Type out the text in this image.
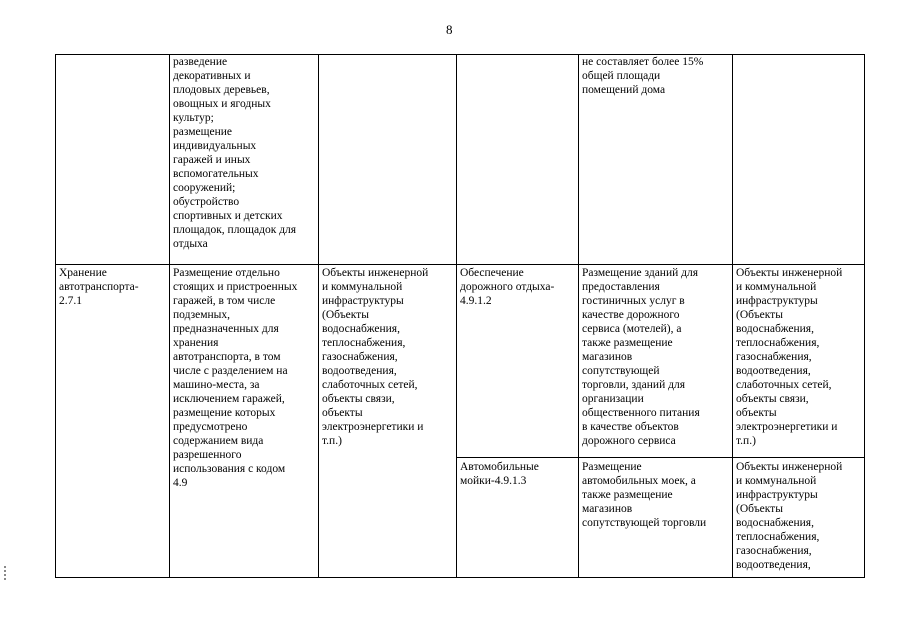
8
разведение
декоративных и
плодовых деревьев,
овощных и ягодных
культур;
размещение
индивидуальных
гаражей и иных
вспомогательных
сооружений;
обустройство
спортивных и детских
площадок, площадок для
отдыха
не составляет более 15%
общей площади
помещений дома
Хранение
автотранспорта-
2.7.1
Размещение отдельно
стоящих и пристроенных
гаражей, в том числе
подземных,
предназначенных для
хранения
автотранспорта, в том
числе с разделением на
машино-места, за
исключением гаражей,
размещение которых
предусмотрено
содержанием вида
разрешенного
использования с кодом
4.9
Объекты инженерной
и коммунальной
инфраструктуры
(Объекты
водоснабжения,
теплоснабжения,
газоснабжения,
водоотведения,
слаботочных сетей,
объекты связи,
объекты
электроэнергетики и
т.п.)
Обеспечение
дорожного отдыха-
4.9.1.2
Размещение зданий для
предоставления
гостиничных услуг в
качестве дорожного
сервиса (мотелей), а
также размещение
магазинов
сопутствующей
торговли, зданий для
организации
общественного питания
в качестве объектов
дорожного сервиса
Объекты инженерной
и коммунальной
инфраструктуры
(Объекты
водоснабжения,
теплоснабжения,
газоснабжения,
водоотведения,
слаботочных сетей,
объекты связи,
объекты
электроэнергетики и
т.п.)
Автомобильные
мойки-4.9.1.3
Размещение
автомобильных моек, а
также размещение
магазинов
сопутствующей торговли
Объекты инженерной
и коммунальной
инфраструктуры
(Объекты
водоснабжения,
теплоснабжения,
газоснабжения,
водоотведения,
